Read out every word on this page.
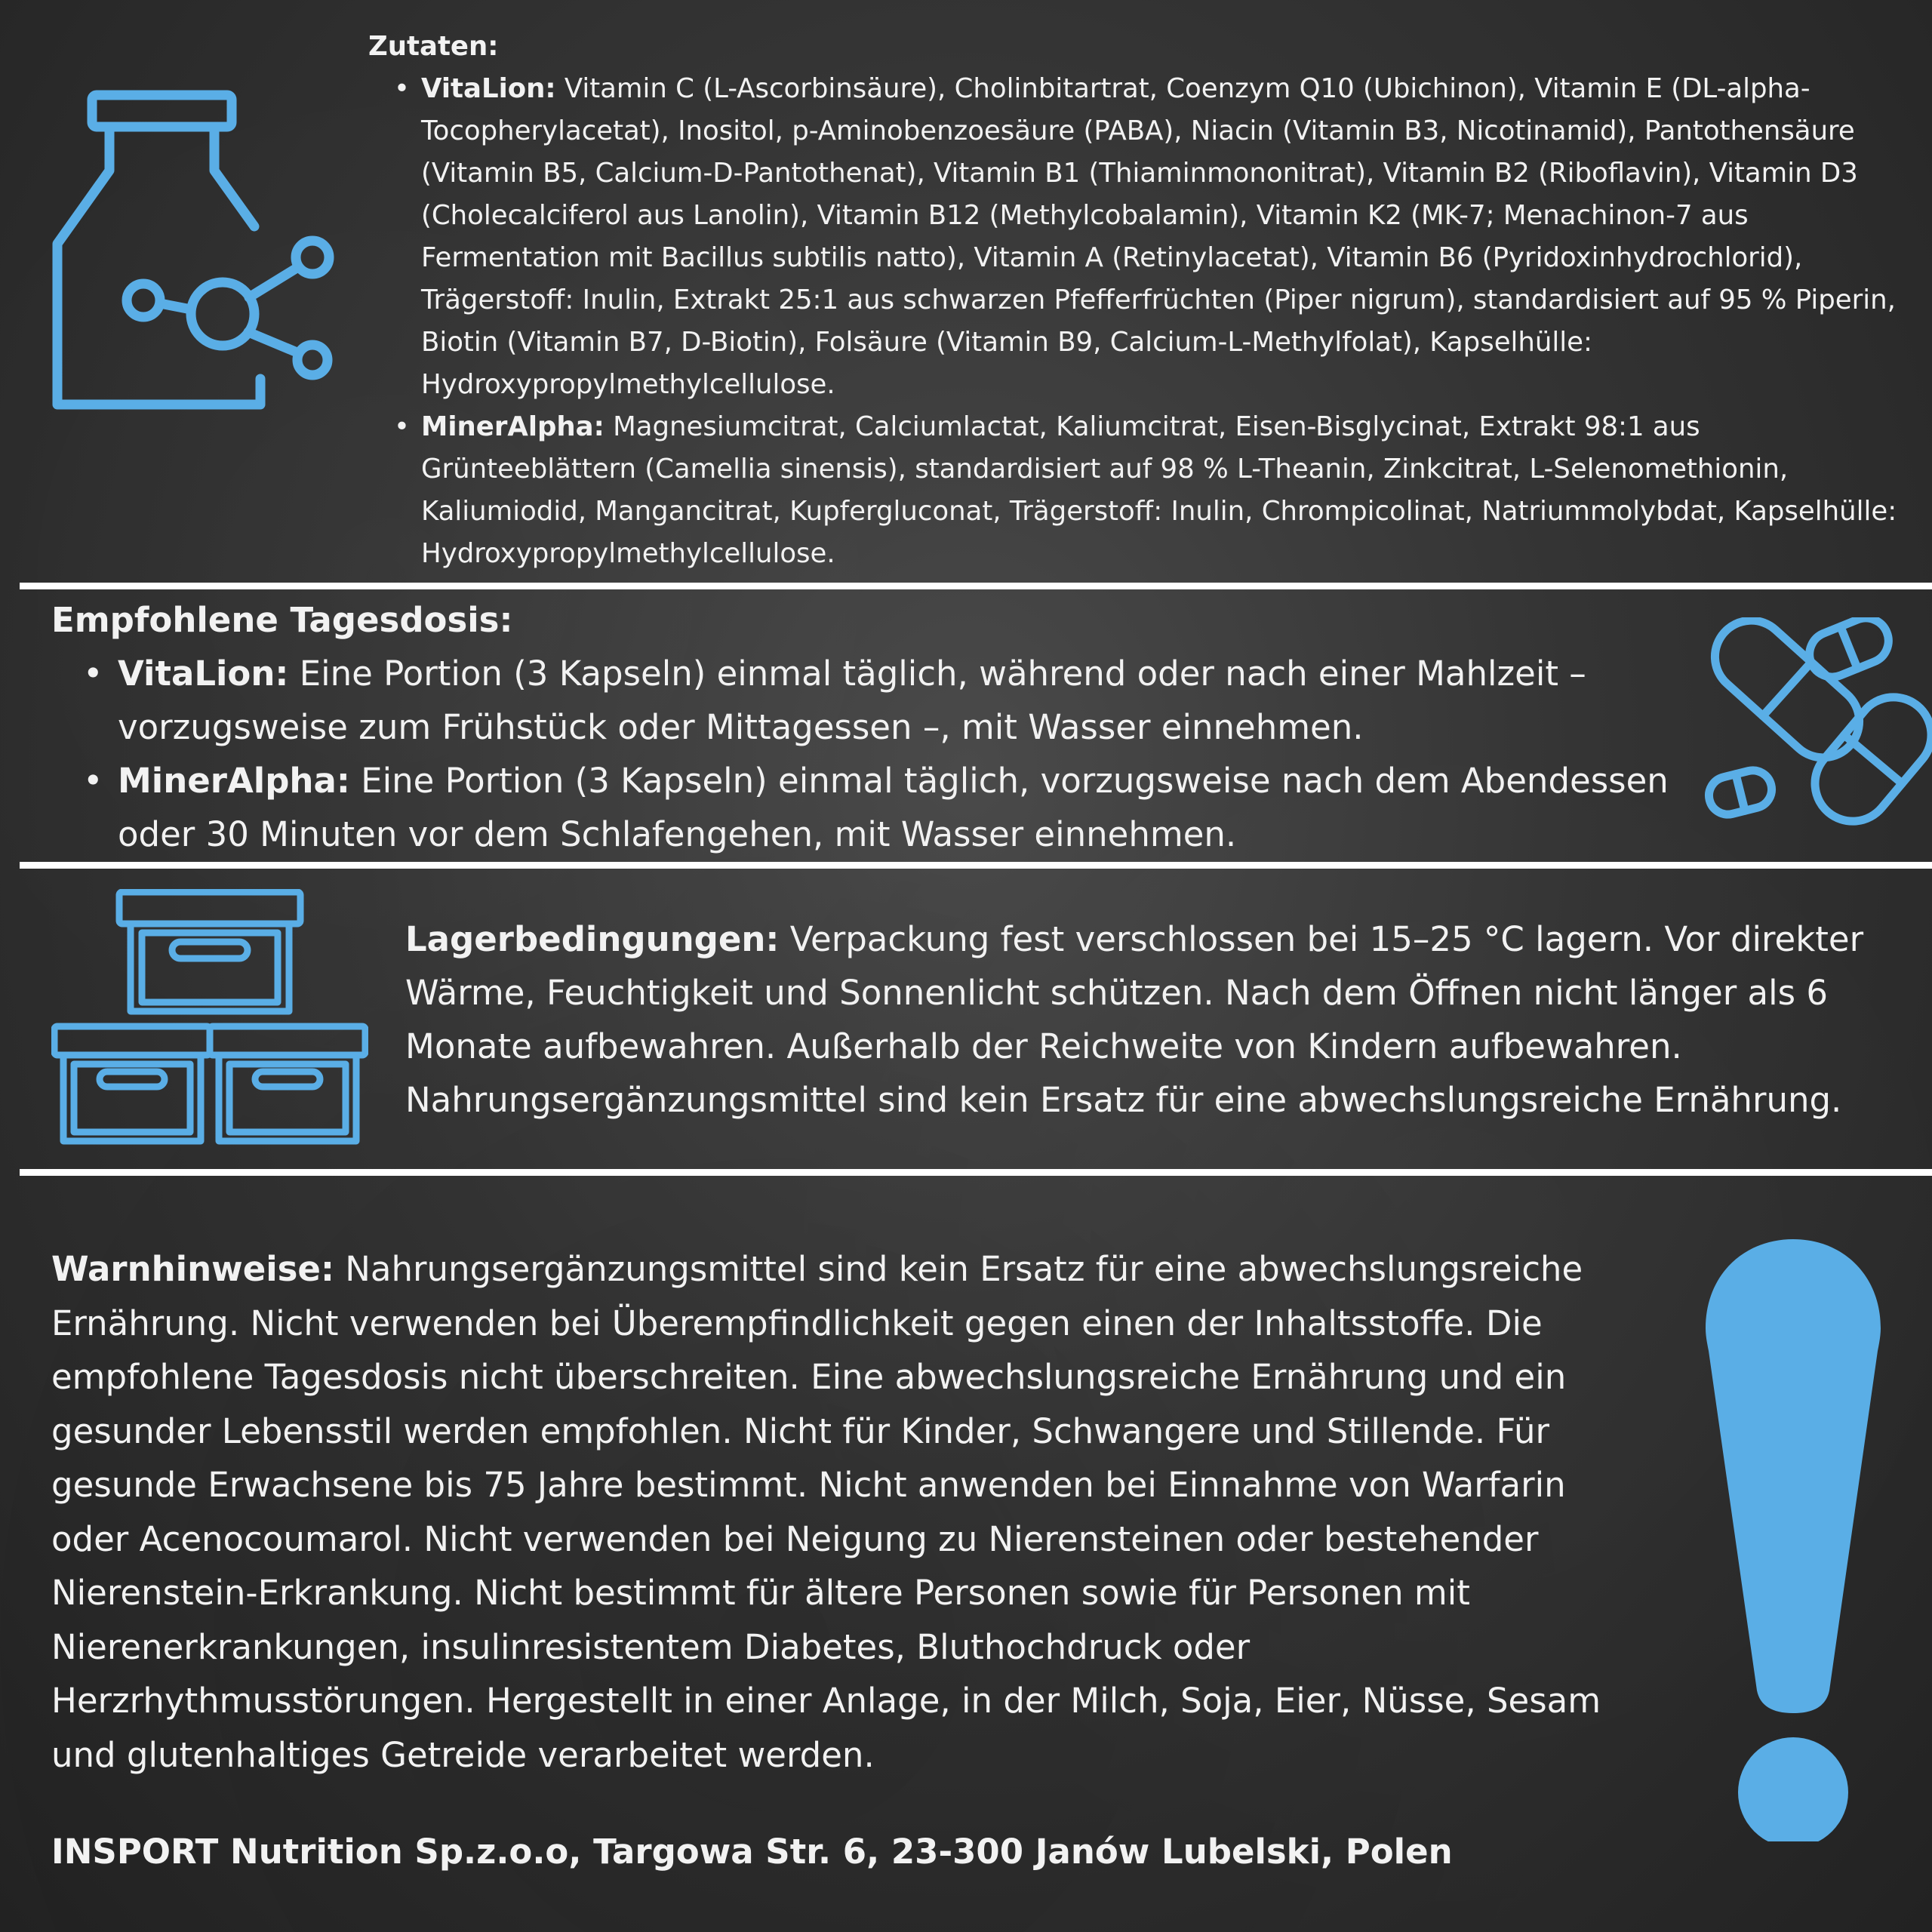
Zutaten:

• VitaLion: Vitamin C (L-Ascorbinsäure), Cholinbitartrat, Coenzym Q10 (Ubichinon), Vitamin E (DL-alpha-Tocopherylacetat), Inositol, p-Aminobenzoesäure (PABA), Niacin (Vitamin B3, Nicotinamid), Pantothensäure (Vitamin B5, Calcium-D-Pantothenat), Vitamin B1 (Thiaminmononitrat), Vitamin B2 (Riboflavin), Vitamin D3 (Cholecalciferol aus Lanolin), Vitamin B12 (Methylcobalamin), Vitamin K2 (MK-7; Menachinon-7 aus Fermentation mit Bacillus subtilis natto), Vitamin A (Retinylacetat), Vitamin B6 (Pyridoxinhydrochlorid), Trägerstoff: Inulin, Extrakt 25:1 aus schwarzen Pfefferfrüchten (Piper nigrum), standardisiert auf 95 % Piperin, Biotin (Vitamin B7, D-Biotin), Folsäure (Vitamin B9, Calcium-L-Methylfolat), Kapselhülle: Hydroxypropylmethylcellulose.
• MinerAlpha: Magnesiumcitrat, Calciumlactat, Kaliumcitrat, Eisen-Bisglycinat, Extrakt 98:1 aus Grünteeblättern (Camellia sinensis), standardisiert auf 98 % L-Theanin, Zinkcitrat, L-Selenomethionin, Kaliumiodid, Mangancitrat, Kupfergluconat, Trägerstoff: Inulin, Chrompicolinat, Natriummolybdat, Kapselhülle: Hydroxypropylmethylcellulose.

Empfohlene Tagesdosis:

• VitaLion: Eine Portion (3 Kapseln) einmal täglich, während oder nach einer Mahlzeit – vorzugsweise zum Frühstück oder Mittagessen –, mit Wasser einnehmen.
• MinerAlpha: Eine Portion (3 Kapseln) einmal täglich, vorzugsweise nach dem Abendessen oder 30 Minuten vor dem Schlafengehen, mit Wasser einnehmen.

Lagerbedingungen: Verpackung fest verschlossen bei 15–25 °C lagern. Vor direkter Wärme, Feuchtigkeit und Sonnenlicht schützen. Nach dem Öffnen nicht länger als 6 Monate aufbewahren. Außerhalb der Reichweite von Kindern aufbewahren. Nahrungsergänzungsmittel sind kein Ersatz für eine abwechslungsreiche Ernährung.

Warnhinweise: Nahrungsergänzungsmittel sind kein Ersatz für eine abwechslungsreiche Ernährung. Nicht verwenden bei Überempfindlichkeit gegen einen der Inhaltsstoffe. Die empfohlene Tagesdosis nicht überschreiten. Eine abwechslungsreiche Ernährung und ein gesunder Lebensstil werden empfohlen. Nicht für Kinder, Schwangere und Stillende. Für gesunde Erwachsene bis 75 Jahre bestimmt. Nicht anwenden bei Einnahme von Warfarin oder Acenocoumarol. Nicht verwenden bei Neigung zu Nierensteinen oder bestehender Nierenstein-Erkrankung. Nicht bestimmt für ältere Personen sowie für Personen mit Nierenerkrankungen, insulinresistentem Diabetes, Bluthochdruck oder Herzrhythmusstörungen. Hergestellt in einer Anlage, in der Milch, Soja, Eier, Nüsse, Sesam und glutenhaltiges Getreide verarbeitet werden.

INSPORT Nutrition Sp.z.o.o, Targowa Str. 6, 23-300 Janów Lubelski, Polen
